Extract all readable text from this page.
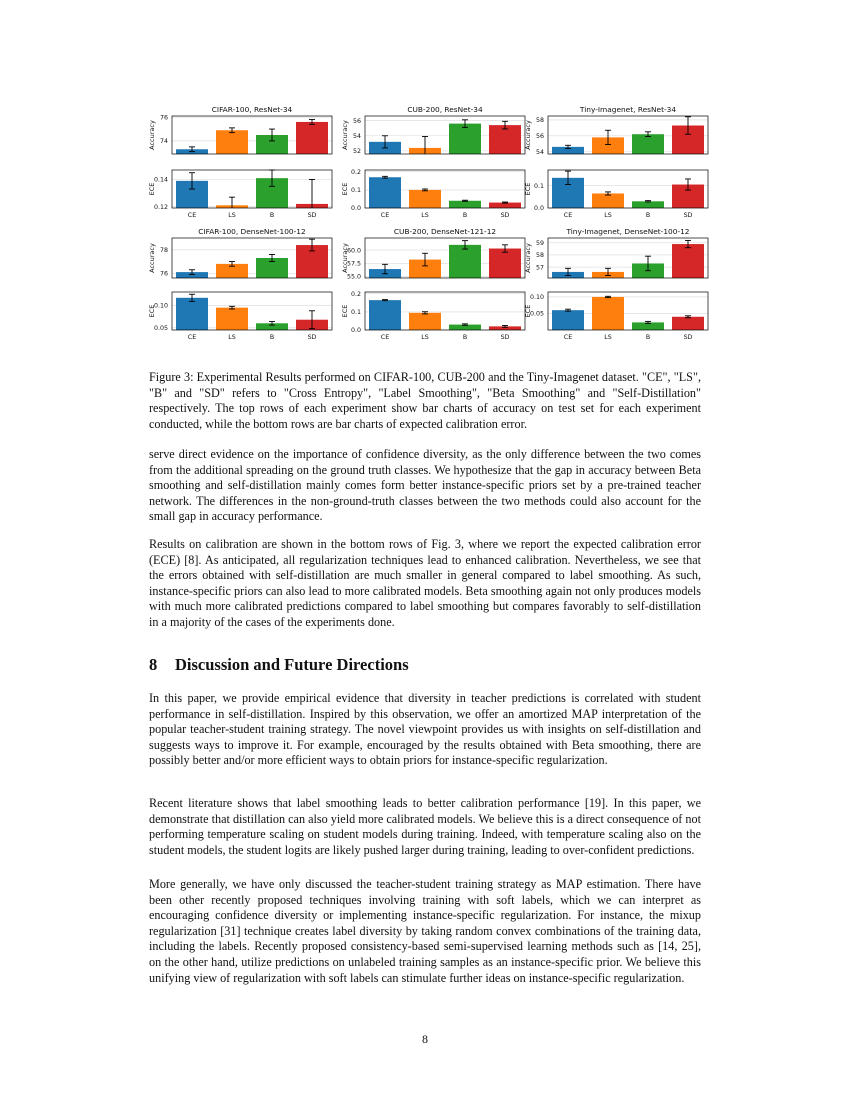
74
76
Accuracy
CIFAR-100, ResNet-34
0.12
0.14
CE	LS	B	SD
ECE
52
54
56
Accuracy
CUB-200, ResNet-34
0.0
0.1
0.2
CE	LS	B	SD
ECE
54
56
58
Accuracy
Tiny-Imagenet, ResNet-34
0.0
0.1
CE	LS	B	SD
ECE
76
78
Accuracy
CIFAR-100, DenseNet-100-12
0.05
0.10
CE	LS	B	SD
ECE
55.0
57.5
60.0
Accuracy
CUB-200, DenseNet-121-12
0.0
0.1
0.2
CE	LS	B	SD
ECE
57
58
59
Accuracy
Tiny-Imagenet, DenseNet-100-12
0.05
0.10
CE	LS	B	SD
ECE

Figure 3: Experimental Results performed on CIFAR-100, CUB-200 and the Tiny-Imagenet dataset. "CE", "LS", "B" and "SD" refers to "Cross Entropy", "Label Smoothing", "Beta Smoothing" and "Self-Distillation" respectively. The top rows of each experiment show bar charts of accuracy on test set for each experiment conducted, while the bottom rows are bar charts of expected calibration error.

serve direct evidence on the importance of confidence diversity, as the only difference between the two comes from the additional spreading on the ground truth classes. We hypothesize that the gap in accuracy between Beta smoothing and self-distillation mainly comes form better instance-specific priors set by a pre-trained teacher network. The differences in the non-ground-truth classes between the two methods could also account for the small gap in accuracy performance.

Results on calibration are shown in the bottom rows of Fig. 3, where we report the expected calibration error (ECE) [8]. As anticipated, all regularization techniques lead to enhanced calibration. Nevertheless, we see that the errors obtained with self-distillation are much smaller in general compared to label smoothing. As such, instance-specific priors can also lead to more calibrated models. Beta smoothing again not only produces models with much more calibrated predictions compared to label smoothing but compares favorably to self-distillation in a majority of the cases of the experiments done.

8 Discussion and Future Directions

In this paper, we provide empirical evidence that diversity in teacher predictions is correlated with student performance in self-distillation. Inspired by this observation, we offer an amortized MAP interpretation of the popular teacher-student training strategy. The novel viewpoint provides us with insights on self-distillation and suggests ways to improve it. For example, encouraged by the results obtained with Beta smoothing, there are possibly better and/or more efficient ways to obtain priors for instance-specific regularization.

Recent literature shows that label smoothing leads to better calibration performance [19]. In this paper, we demonstrate that distillation can also yield more calibrated models. We believe this is a direct consequence of not performing temperature scaling on student models during training. Indeed, with temperature scaling also on the student models, the student logits are likely pushed larger during training, leading to over-confident predictions.

More generally, we have only discussed the teacher-student training strategy as MAP estimation. There have been other recently proposed techniques involving training with soft labels, which we can interpret as encouraging confidence diversity or implementing instance-specific regularization. For instance, the mixup regularization [31] technique creates label diversity by taking random convex combinations of the training data, including the labels. Recently proposed consistency-based semi-supervised learning methods such as [14, 25], on the other hand, utilize predictions on unlabeled training samples as an instance-specific prior. We believe this unifying view of regularization with soft labels can stimulate further ideas on instance-specific regularization.

8
